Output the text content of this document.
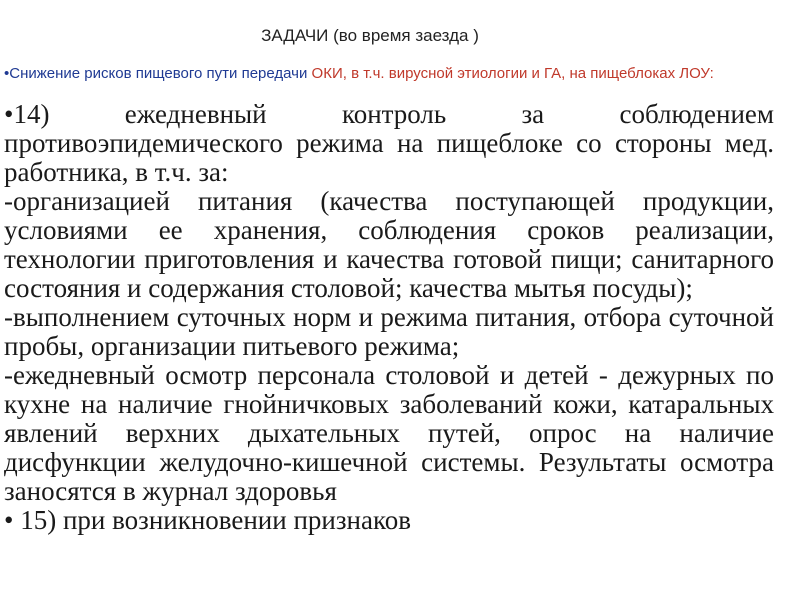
ЗАДАЧИ (во время заезда )
•Снижение рисков пищевого пути передачи ОКИ, в т.ч. вирусной этиологии и ГА, на пищеблоках ЛОУ:

•14) ежедневный контроль за соблюдением противоэпидемического режима на пищеблоке со стороны мед. работника, в т.ч. за:

-организацией питания (качества поступающей продукции, условиями ее хранения, соблюдения сроков реализации, технологии приготовления и качества готовой пищи; санитарного состояния и содержания столовой; качества мытья посуды);

-выполнением суточных норм и режима питания, отбора суточной пробы, организации питьевого режима;

-ежедневный осмотр персонала столовой и детей - дежурных по кухне на наличие гнойничковых заболеваний кожи, катаральных явлений верхних дыхательных путей, опрос на наличие дисфункции желудочно-кишечной системы. Результаты осмотра заносятся в журнал здоровья

• 15) при возникновении признаков
